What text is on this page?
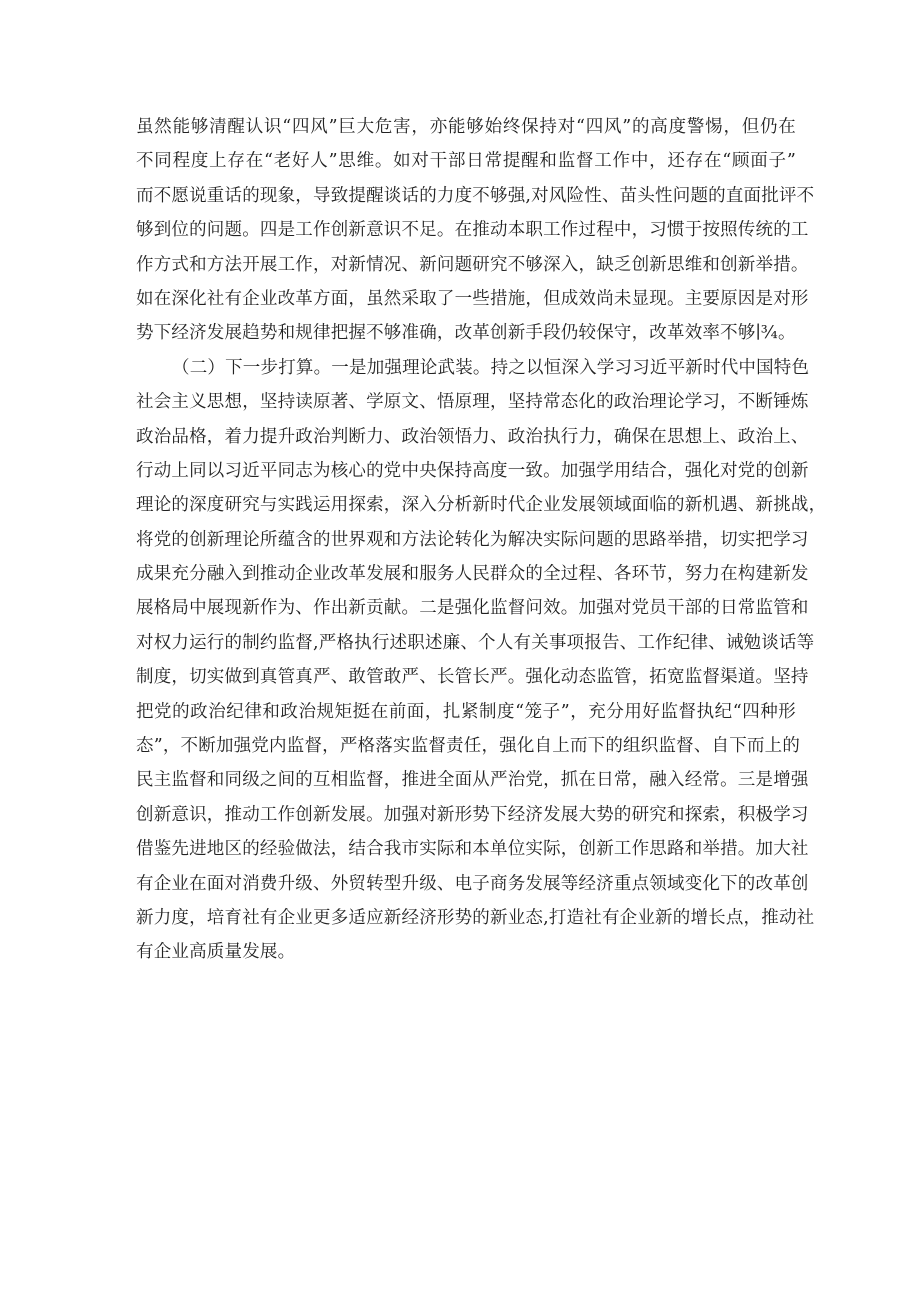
虽然能够清醒认识“四风”巨大危害，亦能够始终保持对“四风”的高度警惕，但仍在
不同程度上存在“老好人”思维。如对干部日常提醒和监督工作中，还存在“顾面子”
而不愿说重话的现象，导致提醒谈话的力度不够强,对风险性、苗头性问题的直面批评不
够到位的问题。四是工作创新意识不足。在推动本职工作过程中，习惯于按照传统的工
作方式和方法开展工作，对新情况、新问题研究不够深入，缺乏创新思维和创新举措。
如在深化社有企业改革方面，虽然采取了一些措施，但成效尚未显现。主要原因是对形
势下经济发展趋势和规律把握不够准确，改革创新手段仍较保守，改革效率不够∣¾。
（二）下一步打算。一是加强理论武装。持之以恒深入学习习近平新时代中国特色
社会主义思想，坚持读原著、学原文、悟原理，坚持常态化的政治理论学习，不断锤炼
政治品格，着力提升政治判断力、政治领悟力、政治执行力，确保在思想上、政治上、
行动上同以习近平同志为核心的党中央保持高度一致。加强学用结合，强化对党的创新
理论的深度研究与实践运用探索，深入分析新时代企业发展领域面临的新机遇、新挑战，
将党的创新理论所蕴含的世界观和方法论转化为解决实际问题的思路举措，切实把学习
成果充分融入到推动企业改革发展和服务人民群众的全过程、各环节，努力在构建新发
展格局中展现新作为、作出新贡献。二是强化监督问效。加强对党员干部的日常监管和
对权力运行的制约监督,严格执行述职述廉、个人有关事项报告、工作纪律、诫勉谈话等
制度，切实做到真管真严、敢管敢严、长管长严。强化动态监管，拓宽监督渠道。坚持
把党的政治纪律和政治规矩挺在前面，扎紧制度“笼子”，充分用好监督执纪“四种形
态”，不断加强党内监督，严格落实监督责任，强化自上而下的组织监督、自下而上的
民主监督和同级之间的互相监督，推进全面从严治党，抓在日常，融入经常。三是增强
创新意识，推动工作创新发展。加强对新形势下经济发展大势的研究和探索，积极学习
借鉴先进地区的经验做法，结合我市实际和本单位实际，创新工作思路和举措。加大社
有企业在面对消费升级、外贸转型升级、电子商务发展等经济重点领域变化下的改革创
新力度，培育社有企业更多适应新经济形势的新业态,打造社有企业新的增长点，推动社
有企业高质量发展。
